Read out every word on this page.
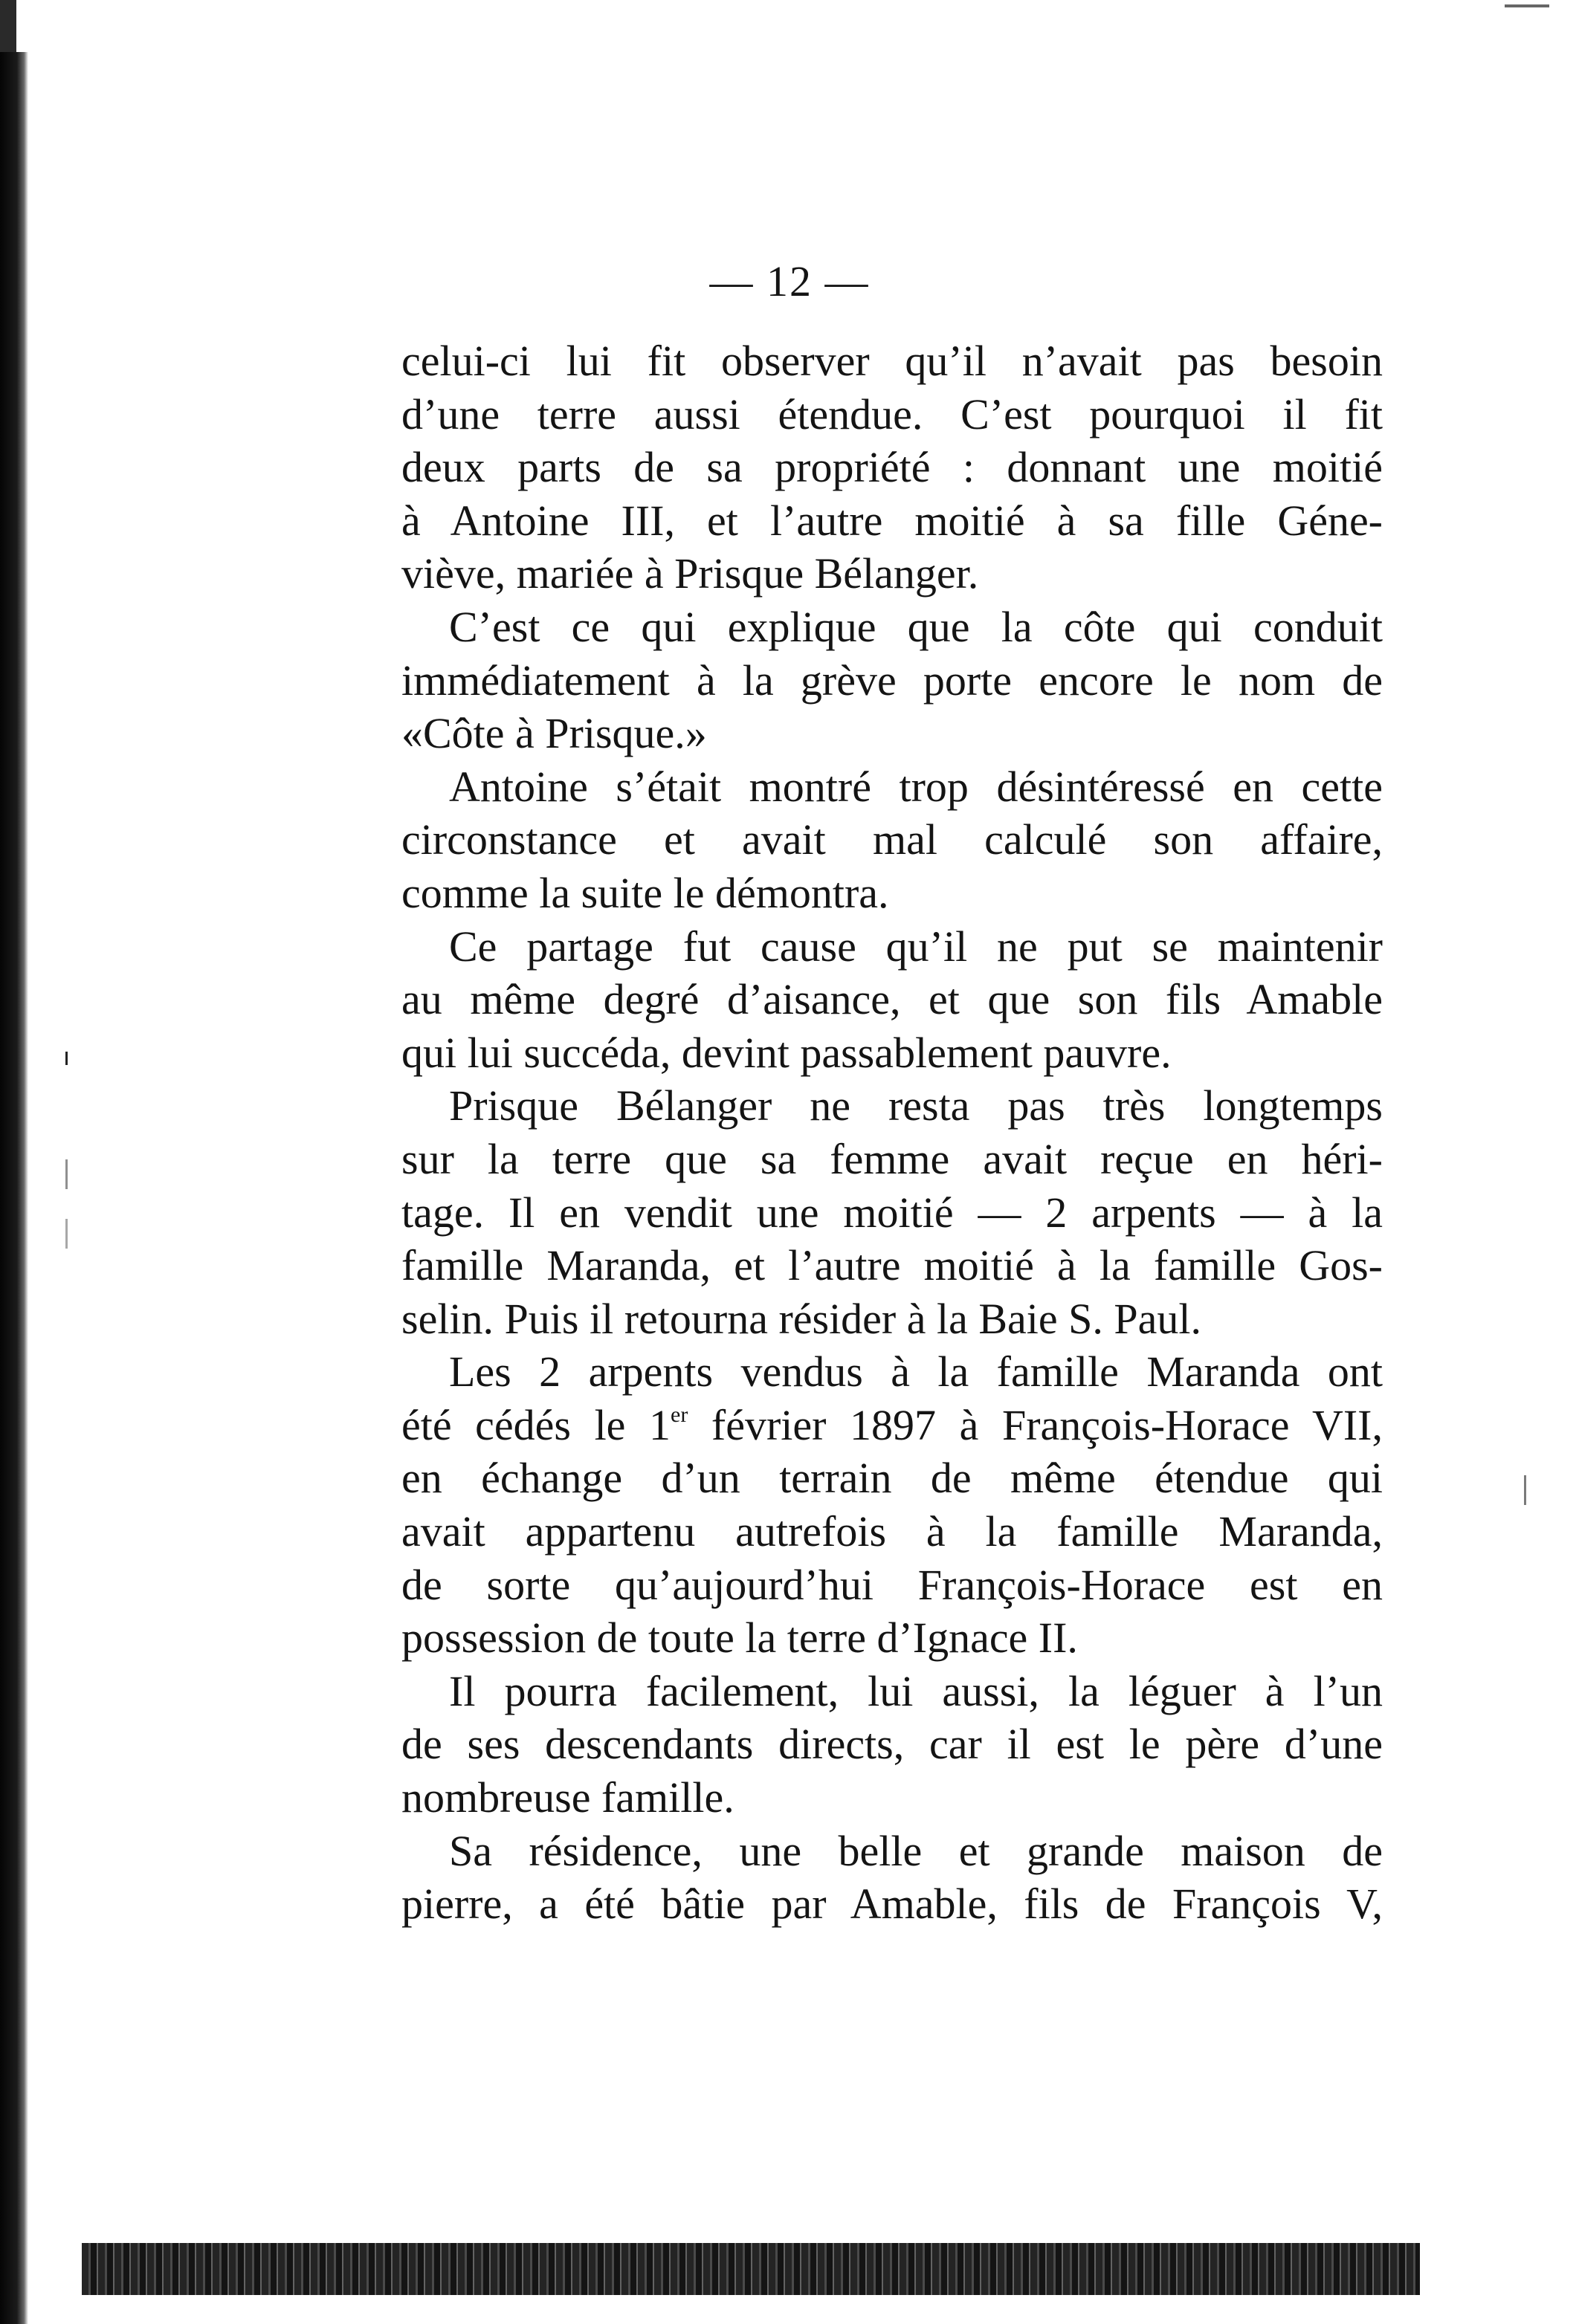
— 12 —
celui-ci lui fit observer qu’il n’avait pas besoin
d’une terre aussi étendue. C’est pourquoi il fit
deux parts de sa propriété : donnant une moitié
à Antoine III, et l’autre moitié à sa fille Géne-
viève, mariée à Prisque Bélanger.
C’est ce qui explique que la côte qui conduit
immédiatement à la grève porte encore le nom de
«Côte à Prisque.»
Antoine s’était montré trop désintéressé en cette
circonstance et avait mal calculé son affaire,
comme la suite le démontra.
Ce partage fut cause qu’il ne put se maintenir
au même degré d’aisance, et que son fils Amable
qui lui succéda, devint passablement pauvre.
Prisque Bélanger ne resta pas très longtemps
sur la terre que sa femme avait reçue en héri-
tage. Il en vendit une moitié — 2 arpents — à la
famille Maranda, et l’autre moitié à la famille Gos-
selin. Puis il retourna résider à la Baie S. Paul.
Les 2 arpents vendus à la famille Maranda ont
été cédés le 1er février 1897 à François-Horace VII,
en échange d’un terrain de même étendue qui
avait appartenu autrefois à la famille Maranda,
de sorte qu’aujourd’hui François-Horace est en
possession de toute la terre d’Ignace II.
Il pourra facilement, lui aussi, la léguer à l’un
de ses descendants directs, car il est le père d’une
nombreuse famille.
Sa résidence, une belle et grande maison de
pierre, a été bâtie par Amable, fils de François V,
